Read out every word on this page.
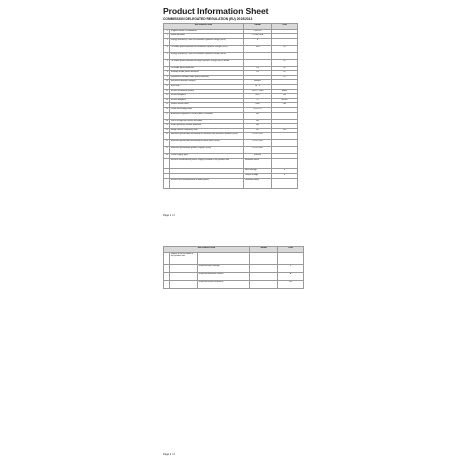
Product Information Sheet
COMMISSION DELEGATED REGULATION (EU) 2019/2013
INFORMATION		Value	Unit
1	Supplier name or trademark	PHILIPS	
2	Model identifier	271B8QJEB	
3	Energy Efficiency Class for standard Dynamic Range (SDR)	E	
4	On mode power demand for Standard Dynamic Range (SDR)	18.8	W
5	Energy Efficiency Class for standard Dynamic Range (HDR)		
6	On mode power demand for High Dynamic Range (HDR) mode		W
7	Off mode power demand	0.3	W
8	Standby mode power demand	0.3	W
9	Networked standby mode power demand		W
10	Electronic display category	Monitor	
11	Size ratio	16 : 9	
12	Screen resolution (pixels)	1920 × 1080	pixels
13	Screen diagonal	68.6	cm
14	Screen diagonal	27	inches
15	Visible screen area	2006	cm²
16	Panel technology used	IPS LCD	
17	Automatic Brightness Control (ABC) available	No	
18	Voice recognition sensor available	No	
19	Room presence sensor available	No	
20	Image refresh frequency rate	60	Hz
21	Minimum guaranteed availability of software and firmware updates (until)	01.01.2028	
22	Minimum guaranteed availability of spare parts (until)	01.01.2028	
23	Minimum guaranteed product support (until)	01.01.2028	
24	Power supply type:	Internal	
	External standardised power supply included in the product box	Standard name	
		Input voltage	V
		Output voltage	V
	External non-standardised suitable power	Standard name	
Page 1 / 2
INFORMATION			Value	Unit
	supply in the included in the product box			
		Required input voltage		V
		Required delivered current		A
		Required output frequency		Hz
Page 2 / 2
